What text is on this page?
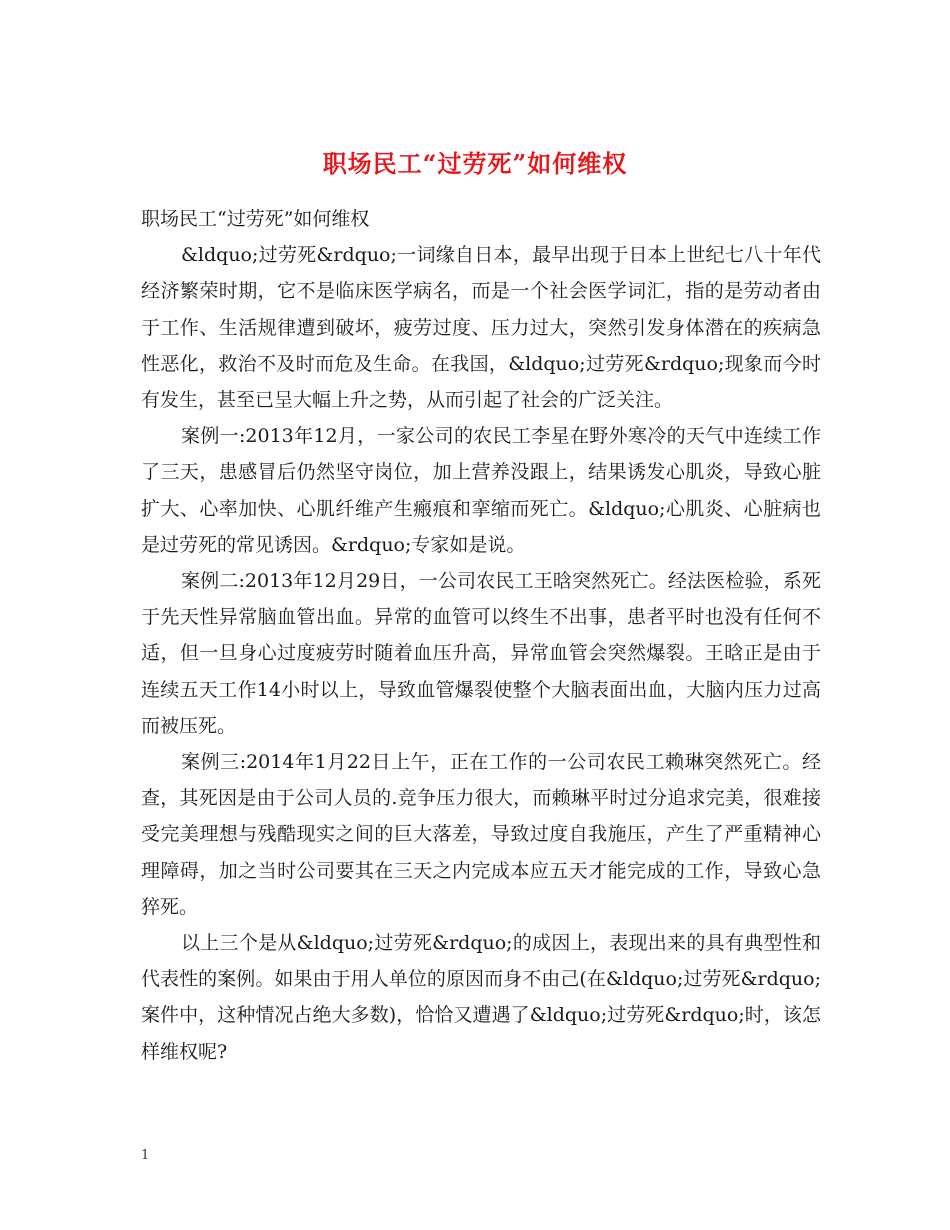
职场民工“过劳死”如何维权

职场民工“过劳死”如何维权

&ldquo;过劳死&rdquo;一词缘自日本，最早出现于日本上世纪七八十年代经济繁荣时期，它不是临床医学病名，而是一个社会医学词汇，指的是劳动者由于工作、生活规律遭到破坏，疲劳过度、压力过大，突然引发身体潜在的疾病急性恶化，救治不及时而危及生命。在我国，&ldquo;过劳死&rdquo;现象而今时有发生，甚至已呈大幅上升之势，从而引起了社会的广泛关注。

案例一:2013年12月，一家公司的农民工李星在野外寒冷的天气中连续工作了三天，患感冒后仍然坚守岗位，加上营养没跟上，结果诱发心肌炎，导致心脏扩大、心率加快、心肌纤维产生瘢痕和挛缩而死亡。&ldquo;心肌炎、心脏病也是过劳死的常见诱因。&rdquo;专家如是说。

案例二:2013年12月29日，一公司农民工王晗突然死亡。经法医检验，系死于先天性异常脑血管出血。异常的血管可以终生不出事，患者平时也没有任何不适，但一旦身心过度疲劳时随着血压升高，异常血管会突然爆裂。王晗正是由于连续五天工作14小时以上，导致血管爆裂使整个大脑表面出血，大脑内压力过高而被压死。

案例三:2014年1月22日上午，正在工作的一公司农民工赖琳突然死亡。经查，其死因是由于公司人员的.竞争压力很大，而赖琳平时过分追求完美，很难接受完美理想与残酷现实之间的巨大落差，导致过度自我施压，产生了严重精神心理障碍，加之当时公司要其在三天之内完成本应五天才能完成的工作，导致心急猝死。

以上三个是从&ldquo;过劳死&rdquo;的成因上，表现出来的具有典型性和代表性的案例。如果由于用人单位的原因而身不由己(在&ldquo;过劳死&rdquo;案件中，这种情况占绝大多数)，恰恰又遭遇了&ldquo;过劳死&rdquo;时，该怎样维权呢?

1
